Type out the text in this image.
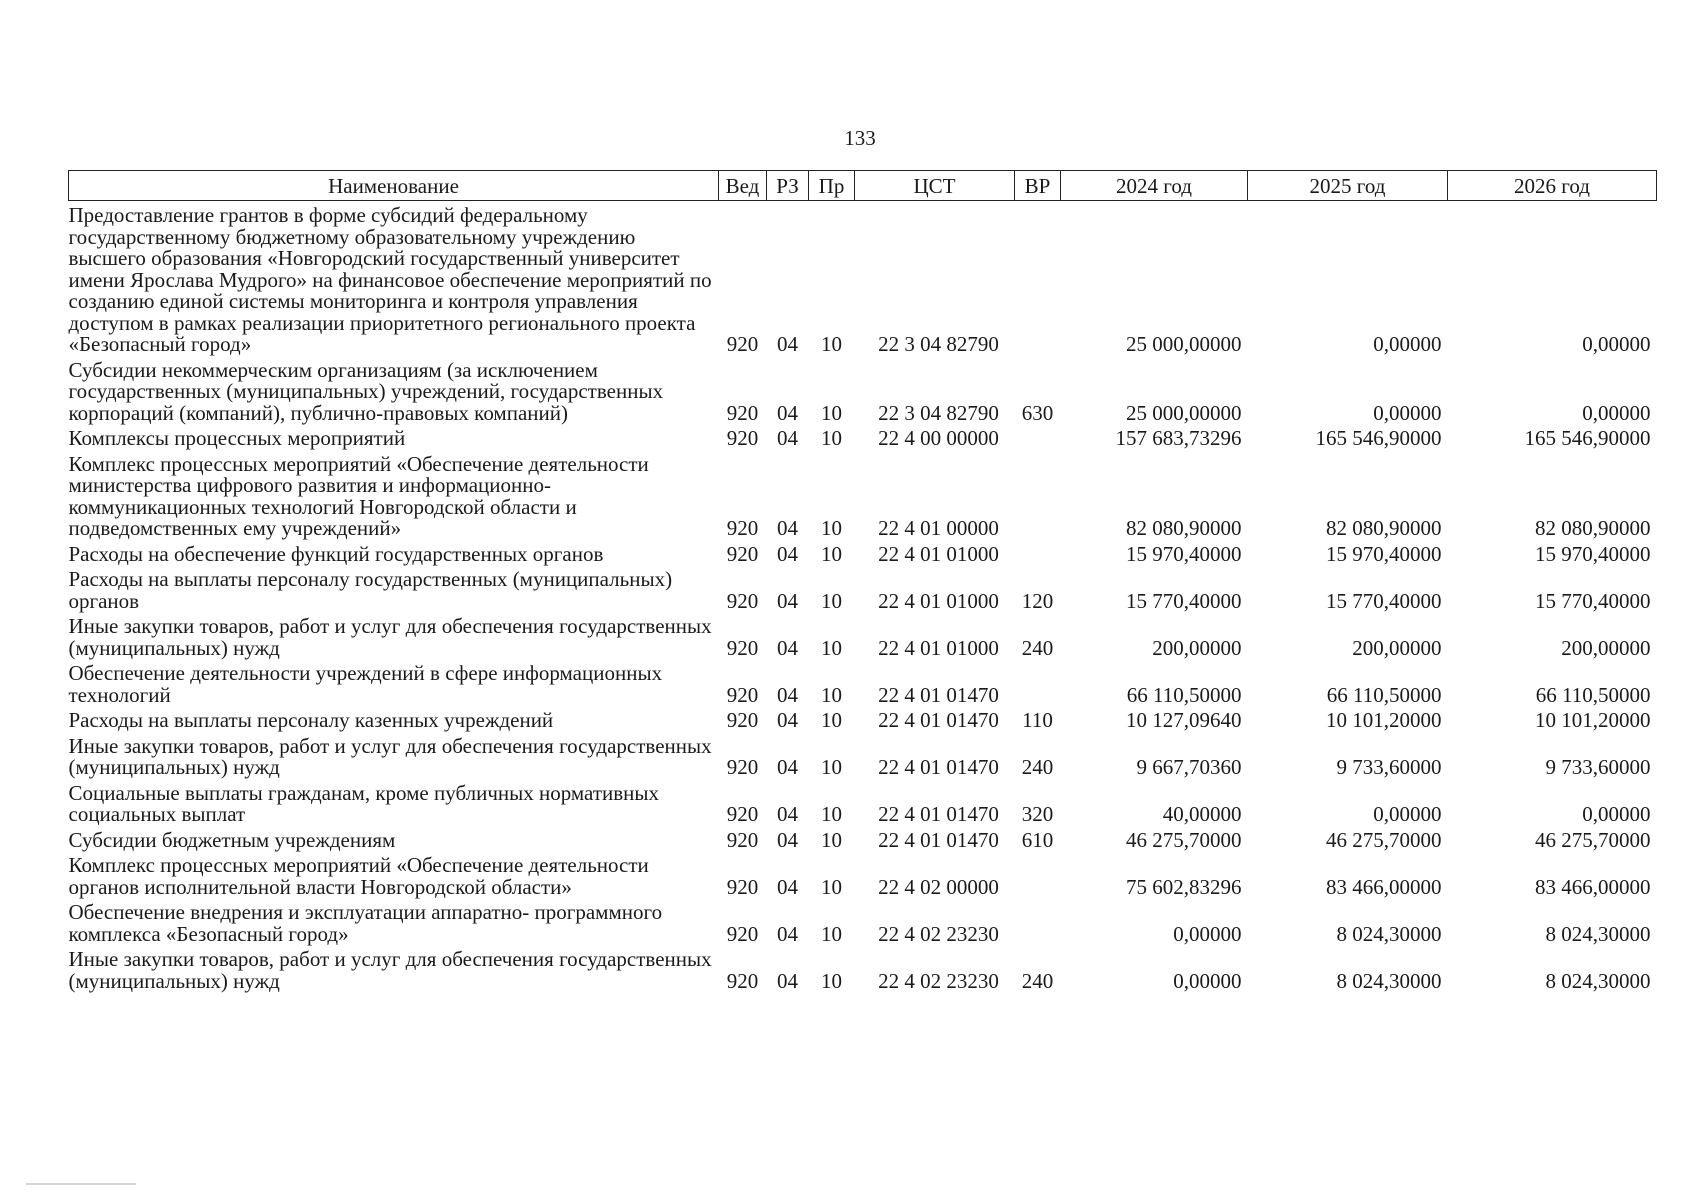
133
Наименование	Вед	РЗ	Пр	ЦСТ	ВР	2024 год	2025 год	2026 год
Предоставление грантов в форме субсидий федеральному государственному бюджетному образовательному учреждению высшего образования «Новгородский государственный университет имени Ярослава Мудрого» на финансовое обеспечение мероприятий по созданию единой системы мониторинга и контроля управления доступом в рамках реализации приоритетного регионального проекта «Безопасный город»	920	04	10	22 3 04 82790		25 000,00000	0,00000	0,00000
Субсидии некоммерческим организациям (за исключением государственных (муниципальных) учреждений, государственных корпораций (компаний), публично-правовых компаний)	920	04	10	22 3 04 82790	630	25 000,00000	0,00000	0,00000
Комплексы процессных мероприятий	920	04	10	22 4 00 00000		157 683,73296	165 546,90000	165 546,90000
Комплекс процессных мероприятий «Обеспечение деятельности министерства цифрового развития и информационно-коммуникационных технологий Новгородской области и подведомственных ему учреждений»	920	04	10	22 4 01 00000		82 080,90000	82 080,90000	82 080,90000
Расходы на обеспечение функций государственных органов	920	04	10	22 4 01 01000		15 970,40000	15 970,40000	15 970,40000
Расходы на выплаты персоналу государственных (муниципальных) органов	920	04	10	22 4 01 01000	120	15 770,40000	15 770,40000	15 770,40000
Иные закупки товаров, работ и услуг для обеспечения государственных (муниципальных) нужд	920	04	10	22 4 01 01000	240	200,00000	200,00000	200,00000
Обеспечение деятельности учреждений в сфере информационных технологий	920	04	10	22 4 01 01470		66 110,50000	66 110,50000	66 110,50000
Расходы на выплаты персоналу казенных учреждений	920	04	10	22 4 01 01470	110	10 127,09640	10 101,20000	10 101,20000
Иные закупки товаров, работ и услуг для обеспечения государственных (муниципальных) нужд	920	04	10	22 4 01 01470	240	9 667,70360	9 733,60000	9 733,60000
Социальные выплаты гражданам, кроме публичных нормативных социальных выплат	920	04	10	22 4 01 01470	320	40,00000	0,00000	0,00000
Субсидии бюджетным учреждениям	920	04	10	22 4 01 01470	610	46 275,70000	46 275,70000	46 275,70000
Комплекс процессных мероприятий «Обеспечение деятельности органов исполнительной власти Новгородской области»	920	04	10	22 4 02 00000		75 602,83296	83 466,00000	83 466,00000
Обеспечение внедрения и эксплуатации аппаратно- программного комплекса «Безопасный город»	920	04	10	22 4 02 23230		0,00000	8 024,30000	8 024,30000
Иные закупки товаров, работ и услуг для обеспечения государственных (муниципальных) нужд	920	04	10	22 4 02 23230	240	0,00000	8 024,30000	8 024,30000
